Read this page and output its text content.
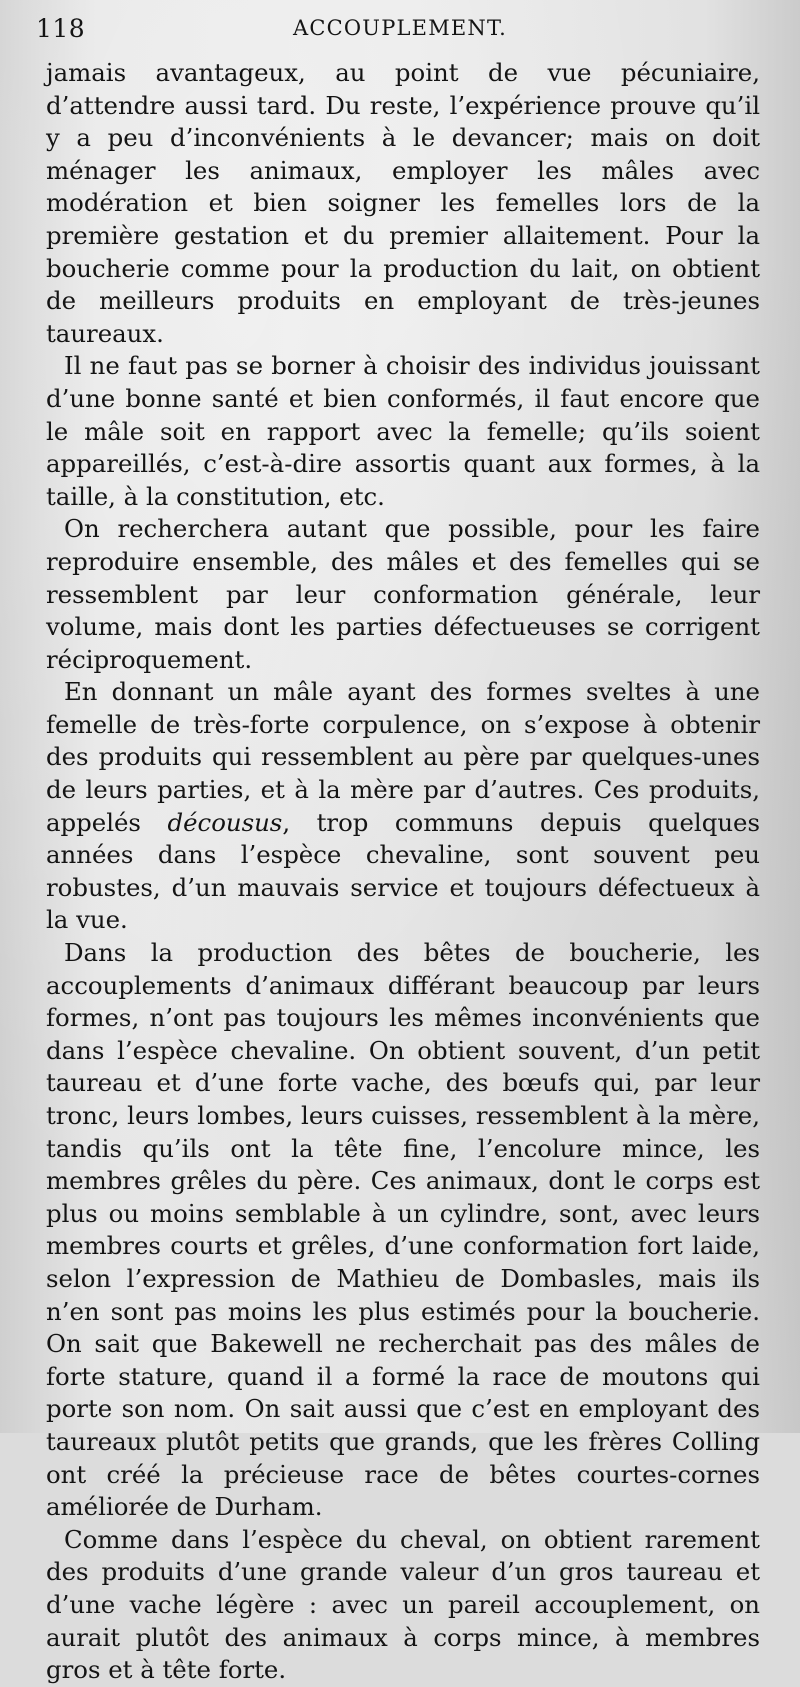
118	ACCOUPLEMENT.

jamais avantageux, au point de vue pécuniaire, d’attendre aussi tard. Du reste, l’expérience prouve qu’il y a peu d’inconvénients à le devancer; mais on doit ménager les animaux, employer les mâles avec modération et bien soigner les femelles lors de la première gestation et du premier allaitement. Pour la boucherie comme pour la production du lait, on obtient de meilleurs produits en employant de très-jeunes taureaux.

Il ne faut pas se borner à choisir des individus jouissant d’une bonne santé et bien conformés, il faut encore que le mâle soit en rapport avec la femelle; qu’ils soient appareillés, c’est-à-dire assortis quant aux formes, à la taille, à la constitution, etc.

On recherchera autant que possible, pour les faire reproduire ensemble, des mâles et des femelles qui se ressemblent par leur conformation générale, leur volume, mais dont les parties défectueuses se corrigent réciproquement.

En donnant un mâle ayant des formes sveltes à une femelle de très-forte corpulence, on s’expose à obtenir des produits qui ressemblent au père par quelques-unes de leurs parties, et à la mère par d’autres. Ces produits, appelés décousus, trop communs depuis quelques années dans l’espèce chevaline, sont souvent peu robustes, d’un mauvais service et toujours défectueux à la vue.

Dans la production des bêtes de boucherie, les accouplements d’animaux différant beaucoup par leurs formes, n’ont pas toujours les mêmes inconvénients que dans l’espèce chevaline. On obtient souvent, d’un petit taureau et d’une forte vache, des bœufs qui, par leur tronc, leurs lombes, leurs cuisses, ressemblent à la mère, tandis qu’ils ont la tête fine, l’encolure mince, les membres grêles du père. Ces animaux, dont le corps est plus ou moins semblable à un cylindre, sont, avec leurs membres courts et grêles, d’une conformation fort laide, selon l’expression de Mathieu de Dombasles, mais ils n’en sont pas moins les plus estimés pour la boucherie. On sait que Bakewell ne recherchait pas des mâles de forte stature, quand il a formé la race de moutons qui porte son nom. On sait aussi que c’est en employant des taureaux plutôt petits que grands, que les frères Colling ont créé la précieuse race de bêtes courtes-cornes améliorée de Durham.

Comme dans l’espèce du cheval, on obtient rarement des produits d’une grande valeur d’un gros taureau et d’une vache légère : avec un pareil accouplement, on aurait plutôt des animaux à corps mince, à membres gros et à tête forte.
